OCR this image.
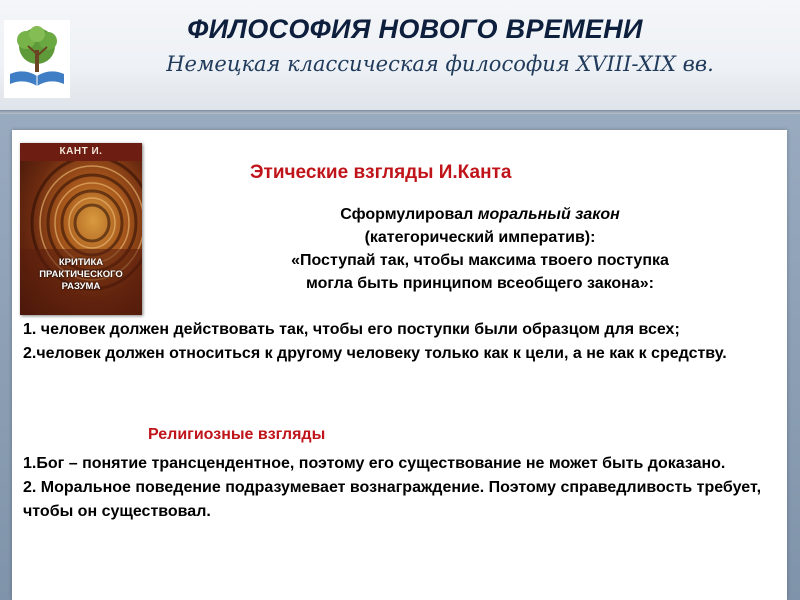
ФИЛОСОФИЯ НОВОГО ВРЕМЕНИ
Немецкая классическая философия XVIII-XIX вв.
КАНТ И.
КРИТИКА
ПРАКТИЧЕСКОГО
РАЗУМА
Этические взгляды И.Канта
Сформулировал моральный закон
(категорический императив):
«Поступай так, чтобы максима твоего поступка
могла быть принципом всеобщего закона»:

1. человек должен действовать так, чтобы его поступки были образцом для всех;

2.человек должен относиться к другому человеку только как к цели, а не как к средству.

Религиозные взгляды

1.Бог – понятие трансцендентное, поэтому его существование не может быть доказано.

2. Моральное поведение подразумевает вознаграждение. Поэтому справедливость требует, чтобы он существовал.
